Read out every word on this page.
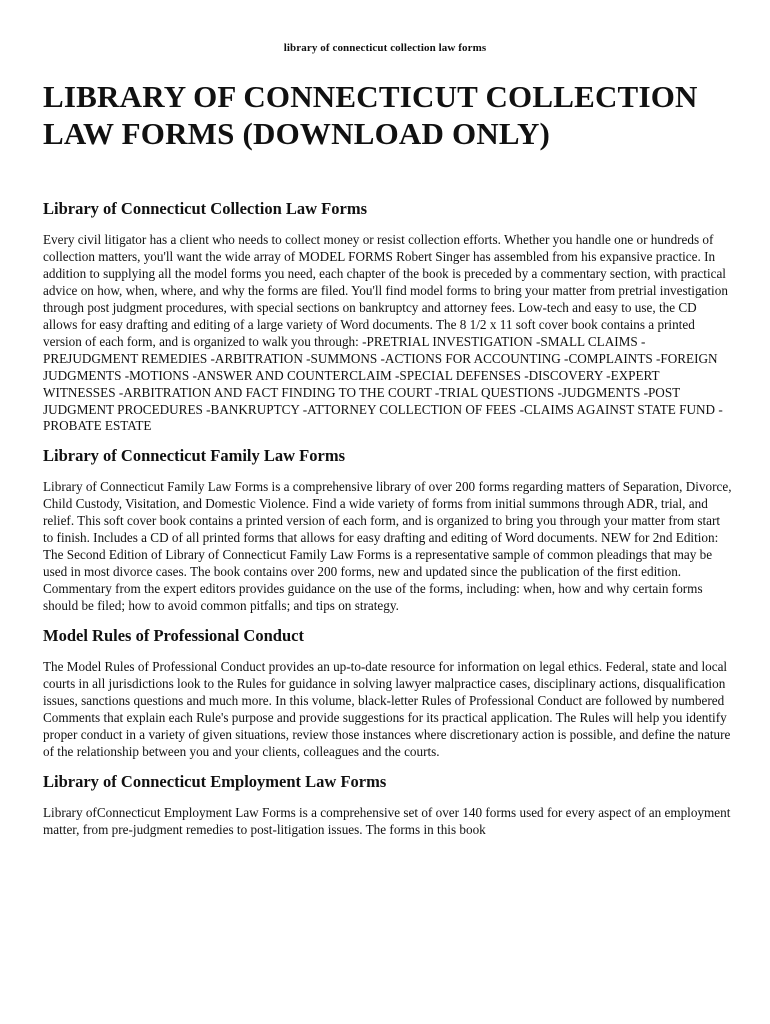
library of connecticut collection law forms
LIBRARY OF CONNECTICUT COLLECTION
LAW FORMS (DOWNLOAD ONLY)
Library of Connecticut Collection Law Forms

Every civil litigator has a client who needs to collect money or resist collection efforts. Whether you handle one or hundreds of collection matters, you'll want the wide array of MODEL FORMS Robert Singer has assembled from his expansive practice. In addition to supplying all the model forms you need, each chapter of the book is preceded by a commentary section, with practical advice on how, when, where, and why the forms are filed. You'll find model forms to bring your matter from pretrial investigation through post judgment procedures, with special sections on bankruptcy and attorney fees. Low-tech and easy to use, the CD allows for easy drafting and editing of a large variety of Word documents. The 8 1/2 x 11 soft cover book contains a printed version of each form, and is organized to walk you through: -PRETRIAL INVESTIGATION -SMALL CLAIMS -PREJUDGMENT REMEDIES -ARBITRATION -SUMMONS -ACTIONS FOR ACCOUNTING -COMPLAINTS -FOREIGN JUDGMENTS -MOTIONS -ANSWER AND COUNTERCLAIM -SPECIAL DEFENSES -DISCOVERY -EXPERT WITNESSES -ARBITRATION AND FACT FINDING TO THE COURT -TRIAL QUESTIONS -JUDGMENTS -POST JUDGMENT PROCEDURES -BANKRUPTCY -ATTORNEY COLLECTION OF FEES -CLAIMS AGAINST STATE FUND -PROBATE ESTATE

Library of Connecticut Family Law Forms

Library of Connecticut Family Law Forms is a comprehensive library of over 200 forms regarding matters of Separation, Divorce, Child Custody, Visitation, and Domestic Violence. Find a wide variety of forms from initial summons through ADR, trial, and relief. This soft cover book contains a printed version of each form, and is organized to bring you through your matter from start to finish. Includes a CD of all printed forms that allows for easy drafting and editing of Word documents. NEW for 2nd Edition: The Second Edition of Library of Connecticut Family Law Forms is a representative sample of common pleadings that may be used in most divorce cases. The book contains over 200 forms, new and updated since the publication of the first edition. Commentary from the expert editors provides guidance on the use of the forms, including: when, how and why certain forms should be filed; how to avoid common pitfalls; and tips on strategy.

Model Rules of Professional Conduct

The Model Rules of Professional Conduct provides an up-to-date resource for information on legal ethics. Federal, state and local courts in all jurisdictions look to the Rules for guidance in solving lawyer malpractice cases, disciplinary actions, disqualification issues, sanctions questions and much more. In this volume, black-letter Rules of Professional Conduct are followed by numbered Comments that explain each Rule's purpose and provide suggestions for its practical application. The Rules will help you identify proper conduct in a variety of given situations, review those instances where discretionary action is possible, and define the nature of the relationship between you and your clients, colleagues and the courts.

Library of Connecticut Employment Law Forms

Library ofConnecticut Employment Law Forms is a comprehensive set of over 140 forms used for every aspect of an employment matter, from pre-judgment remedies to post-litigation issues. The forms in this book
